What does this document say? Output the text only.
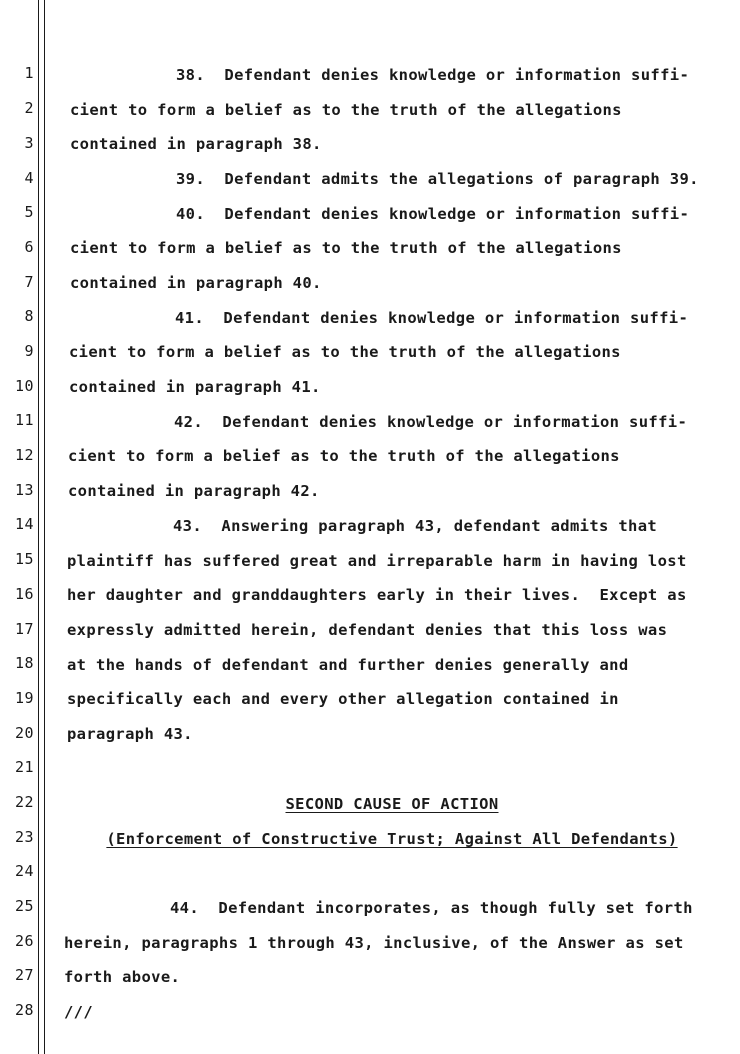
1
2
3
4
5
6
7
8
9
10
11
12
13
14
15
16
17
18
19
20
21
22
23
24
25
26
27
28
38.  Defendant denies knowledge or information suffi-
cient to form a belief as to the truth of the allegations
contained in paragraph 38.
39.  Defendant admits the allegations of paragraph 39.
40.  Defendant denies knowledge or information suffi-
cient to form a belief as to the truth of the allegations
contained in paragraph 40.
41.  Defendant denies knowledge or information suffi-
cient to form a belief as to the truth of the allegations
contained in paragraph 41.
42.  Defendant denies knowledge or information suffi-
cient to form a belief as to the truth of the allegations
contained in paragraph 42.
43.  Answering paragraph 43, defendant admits that
plaintiff has suffered great and irreparable harm in having lost
her daughter and granddaughters early in their lives.  Except as
expressly admitted herein, defendant denies that this loss was
at the hands of defendant and further denies generally and
specifically each and every other allegation contained in
paragraph 43.
SECOND CAUSE OF ACTION
(Enforcement of Constructive Trust; Against All Defendants)
44.  Defendant incorporates, as though fully set forth
herein, paragraphs 1 through 43, inclusive, of the Answer as set
forth above.
///
